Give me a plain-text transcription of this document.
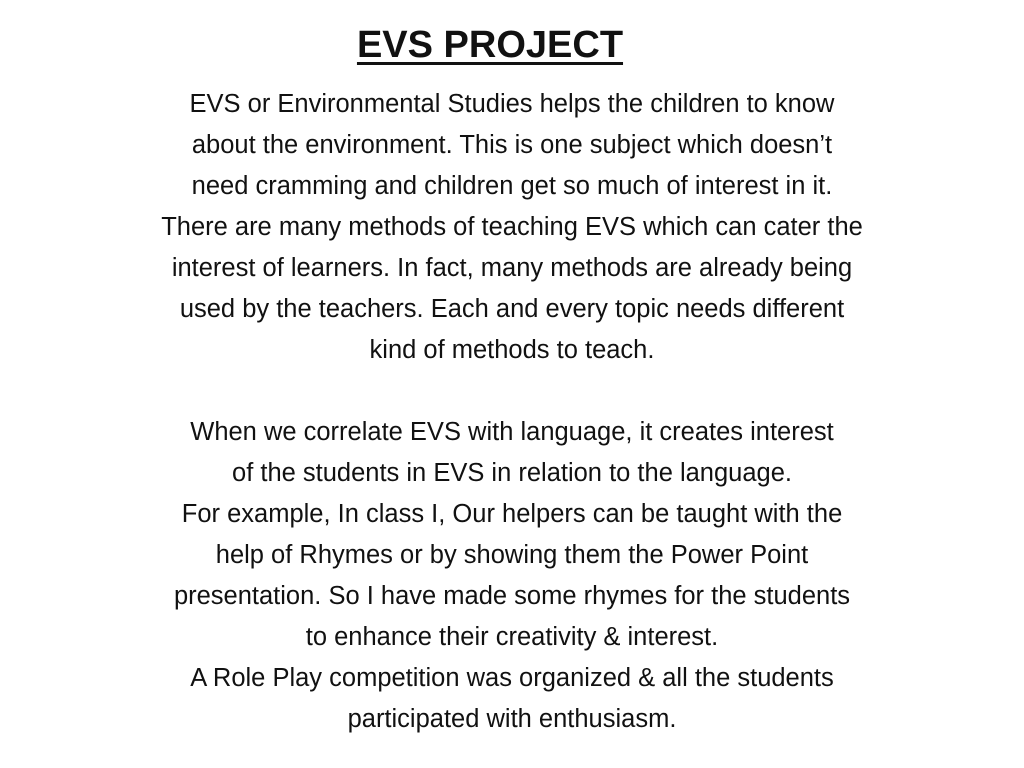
EVS PROJECT
EVS or Environmental Studies helps the children to know
about the environment. This is one subject which doesn’t
need cramming and children get so much of interest in it.
There are many methods of teaching EVS which can cater the
interest of learners. In fact, many methods are already being
used by the teachers. Each and every topic needs different
kind of methods to teach.
When we correlate EVS with language, it creates interest
of the students in EVS in relation to the language.
For example, In class I, Our helpers can be taught with the
help of Rhymes or by showing them the Power Point
presentation. So I have made some rhymes for the students
to enhance their creativity & interest.
A Role Play competition was organized & all the students
participated with enthusiasm.
